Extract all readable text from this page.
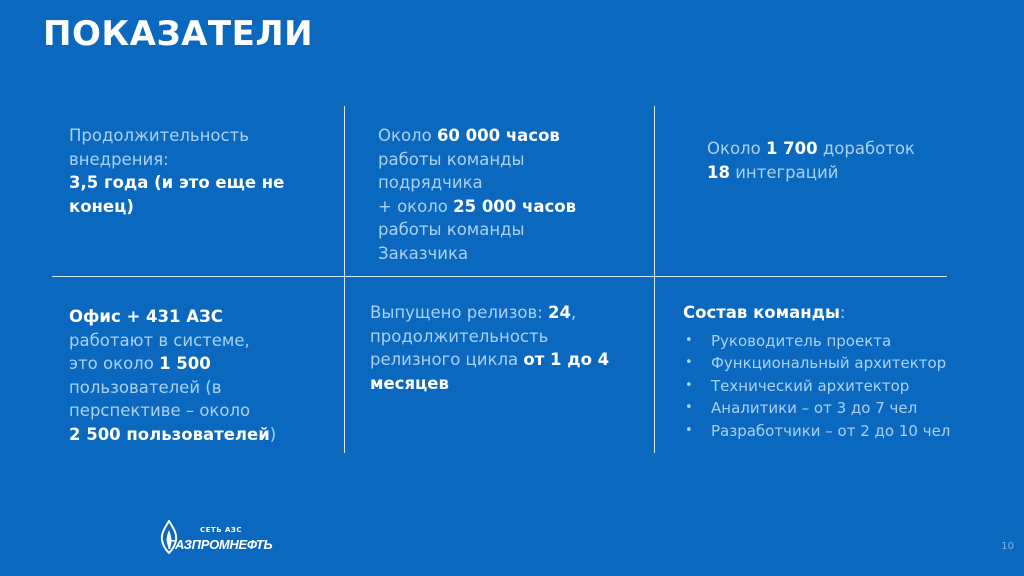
ПОКАЗАТЕЛИ
Продолжительность
внедрения:
3,5 года (и это еще не
конец)
Около 60 000 часов
работы команды
подрядчика
+ около 25 000 часов
работы команды
Заказчика
Около 1 700 доработок
18 интеграций
Офис + 431 АЗС
работают в системе,
это около 1 500
пользователей (в
перспективе – около
2 500 пользователей)
Выпущено релизов: 24,
продолжительность
релизного цикла от 1 до 4
месяцев
Состав команды:
• Руководитель проекта
• Функциональный архитектор
• Технический архитектор
• Аналитики – от 3 до 7 чел
• Разработчики – от 2 до 10 чел
СЕТЬ АЗС
ГАЗПРОМНЕФТЬ	10
